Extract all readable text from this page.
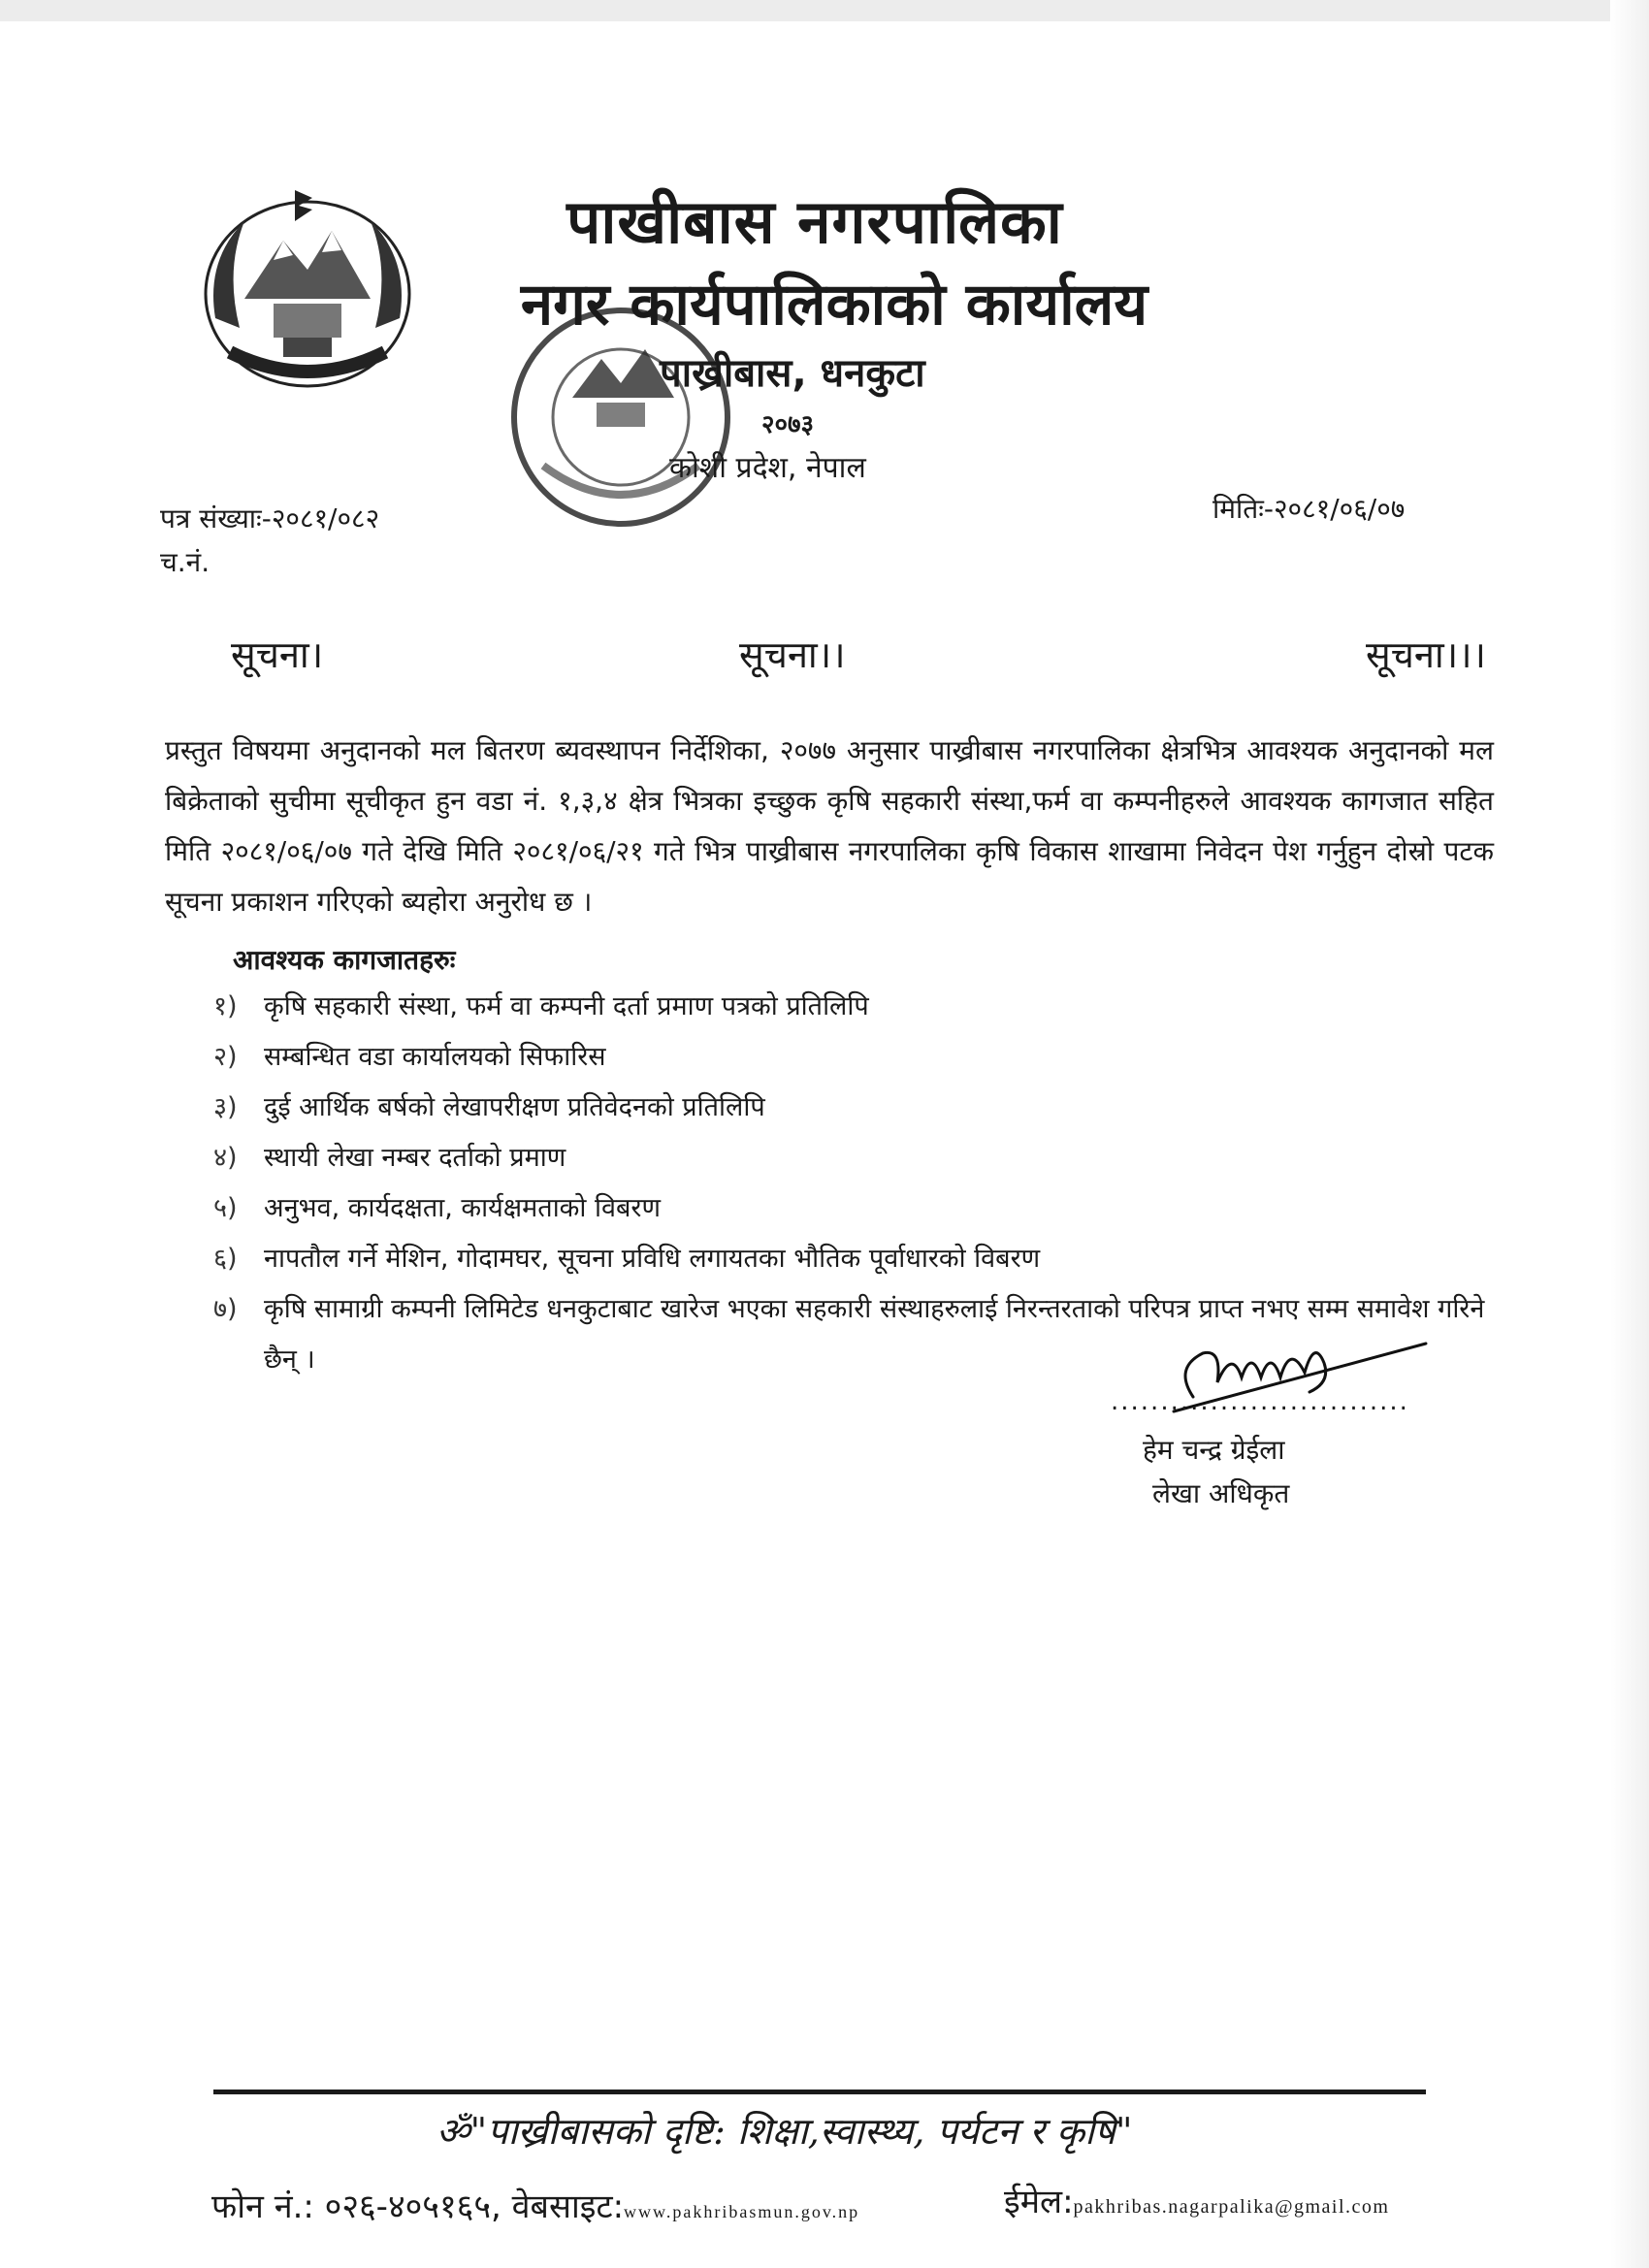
पाखीबास नगरपालिका
नगर कार्यपालिकाको कार्यालय
पाख्रीबास, धनकुटा
२०७३
कोशी प्रदेश, नेपाल
पत्र संख्याः-२०८१/०८२
च.नं.
मितिः-२०८१/०६/०७
सूचना।	सूचना।।	सूचना।।।
प्रस्तुत विषयमा अनुदानको मल बितरण ब्यवस्थापन निर्देशिका, २०७७ अनुसार पाख्रीबास नगरपालिका क्षेत्रभित्र आवश्यक अनुदानको मल बिक्रेताको सुचीमा सूचीकृत हुन वडा नं. १,३,४ क्षेत्र भित्रका इच्छुक कृषि सहकारी संस्था,फर्म वा कम्पनीहरुले आवश्यक कागजात सहित मिति २०८१/०६/०७ गते देखि मिति २०८१/०६/२१ गते भित्र पाख्रीबास नगरपालिका कृषि विकास शाखामा निवेदन पेश गर्नुहुन दोस्रो पटक सूचना प्रकाशन गरिएको ब्यहोरा अनुरोध छ ।
आवश्यक कागजातहरुः
१)	कृषि सहकारी संस्था, फर्म वा कम्पनी दर्ता प्रमाण पत्रको प्रतिलिपि
२)	सम्बन्धित वडा कार्यालयको सिफारिस
३)	दुई आर्थिक बर्षको लेखापरीक्षण प्रतिवेदनको प्रतिलिपि
४)	स्थायी लेखा नम्बर दर्ताको प्रमाण
५)	अनुभव, कार्यदक्षता, कार्यक्षमताको विबरण
६)	नापतौल गर्ने मेशिन, गोदामघर, सूचना प्रविधि लगायतका भौतिक पूर्वाधारको विबरण
७)	कृषि सामाग्री कम्पनी लिमिटेड धनकुटाबाट खारेज भएका सहकारी संस्थाहरुलाई निरन्तरताको परिपत्र प्राप्त नभए सम्म समावेश गरिने छैन् ।
..............................
हेम चन्द्र ग्रेईला
लेखा अधिकृत
ॐ"पाख्रीबासको दृष्टि: शिक्षा,स्वास्थ्य, पर्यटन र कृषि"
फोन नं.: ०२६-४०५१६५, वेबसाइट:www.pakhribasmun.gov.np	ईमेल:pakhribas.nagarpalika@gmail.com
